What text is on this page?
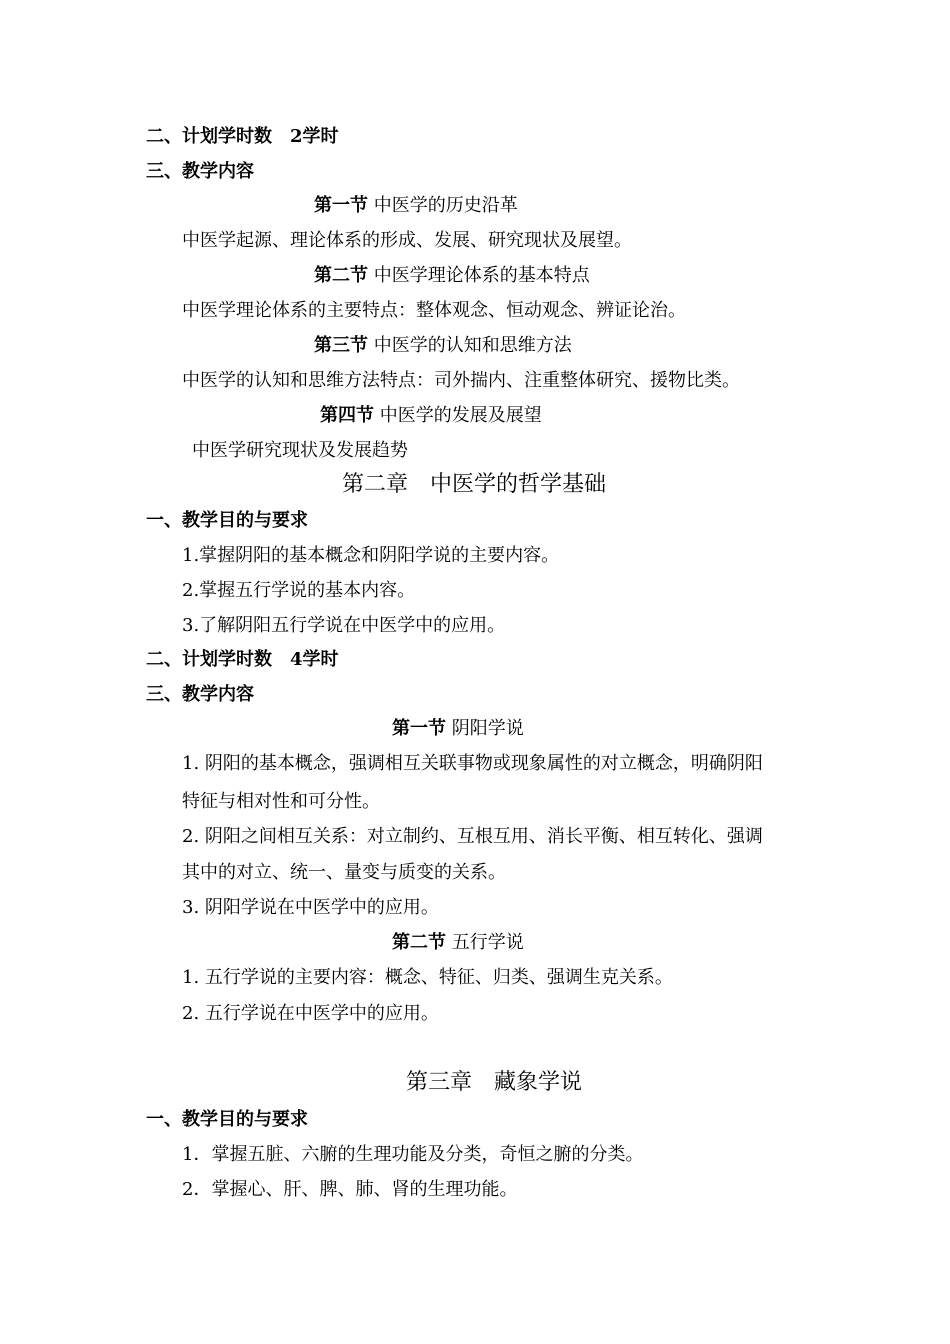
二、计划学时数　2学时
三、教学内容
第一节 中医学的历史沿革
中医学起源、理论体系的形成、发展、研究现状及展望。
第二节 中医学理论体系的基本特点
中医学理论体系的主要特点：整体观念、恒动观念、辨证论治。
第三节 中医学的认知和思维方法
中医学的认知和思维方法特点：司外揣内、注重整体研究、援物比类。
第四节 中医学的发展及展望
中医学研究现状及发展趋势
第二章　中医学的哲学基础
一、教学目的与要求
1.掌握阴阳的基本概念和阴阳学说的主要内容。
2.掌握五行学说的基本内容。
3.了解阴阳五行学说在中医学中的应用。
二、计划学时数　4学时
三、教学内容
第一节 阴阳学说
1. 阴阳的基本概念，强调相互关联事物或现象属性的对立概念，明确阴阳
特征与相对性和可分性。
2. 阴阳之间相互关系：对立制约、互根互用、消长平衡、相互转化、强调
其中的对立、统一、量变与质变的关系。
3. 阴阳学说在中医学中的应用。
第二节 五行学说
1. 五行学说的主要内容：概念、特征、归类、强调生克关系。
2. 五行学说在中医学中的应用。
第三章　藏象学说
一、教学目的与要求
1．掌握五脏、六腑的生理功能及分类，奇恒之腑的分类。
2．掌握心、肝、脾、肺、肾的生理功能。
